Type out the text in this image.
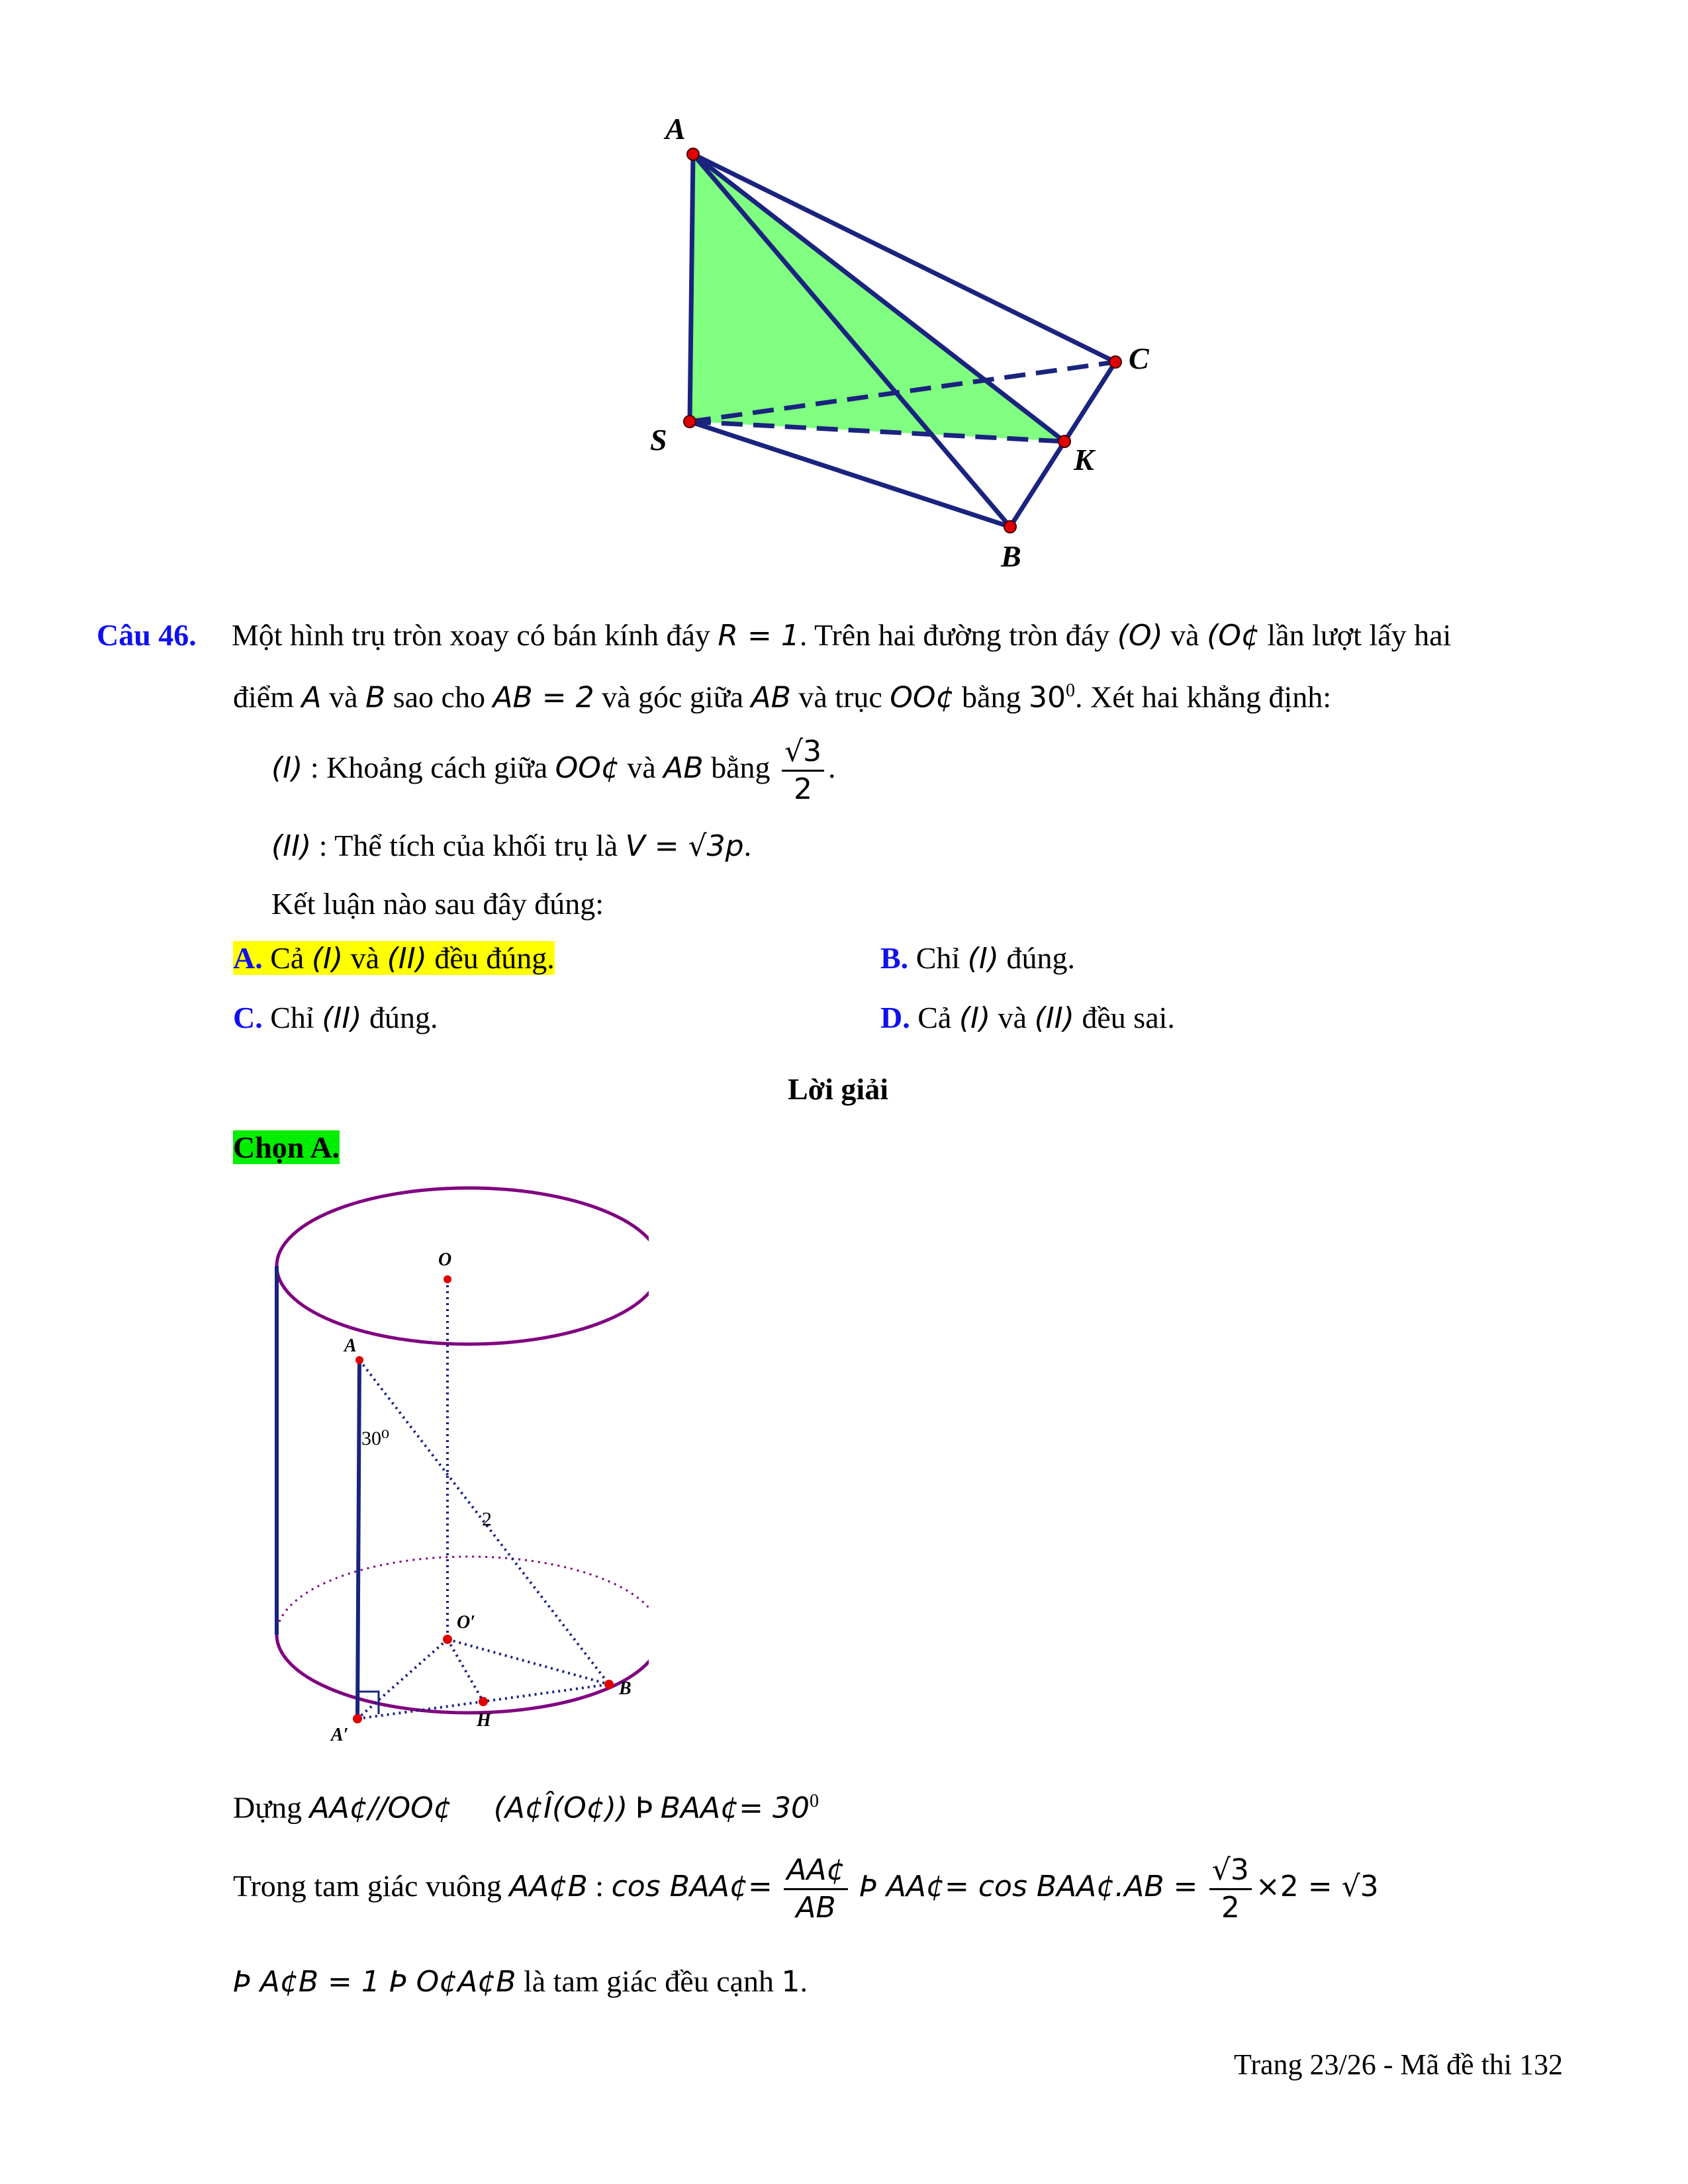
A
S
C
K
B
Câu 46. Một hình trụ tròn xoay có bán kính đáy R = 1. Trên hai đường tròn đáy (O) và (O¢ lần lượt lấy hai
điểm A và B sao cho AB = 2 và góc giữa AB và trục OO¢ bằng $30^0$. Xét hai khẳng định:
(I) : Khoảng cách giữa OO¢ và AB bằng $\frac{√3}{2}$ .
(II) : Thể tích của khối trụ là V = √3p.
Kết luận nào sau đây đúng:
A. Cả (I) và (II) đều đúng.	B. Chỉ (I) đúng.
C. Chỉ (II) đúng.	D. Cả (I) và (II) đều sai.
Lời giải
Chọn A.
O
A
30⁰
2
O′
B
H
A′
Dựng AA¢//OO¢ (A¢Î(O¢)) Þ BAA¢= $30^0$
Trong tam giác vuông AA¢B : cos BAA¢= $\frac{AA¢}{AB}$ Þ AA¢= cos BAA¢.AB = $\frac{√3}{2} \times 2 = √3$
Þ A¢B = 1 Þ O¢A¢B là tam giác đều cạnh 1.
Trang 23/26 - Mã đề thi 132
